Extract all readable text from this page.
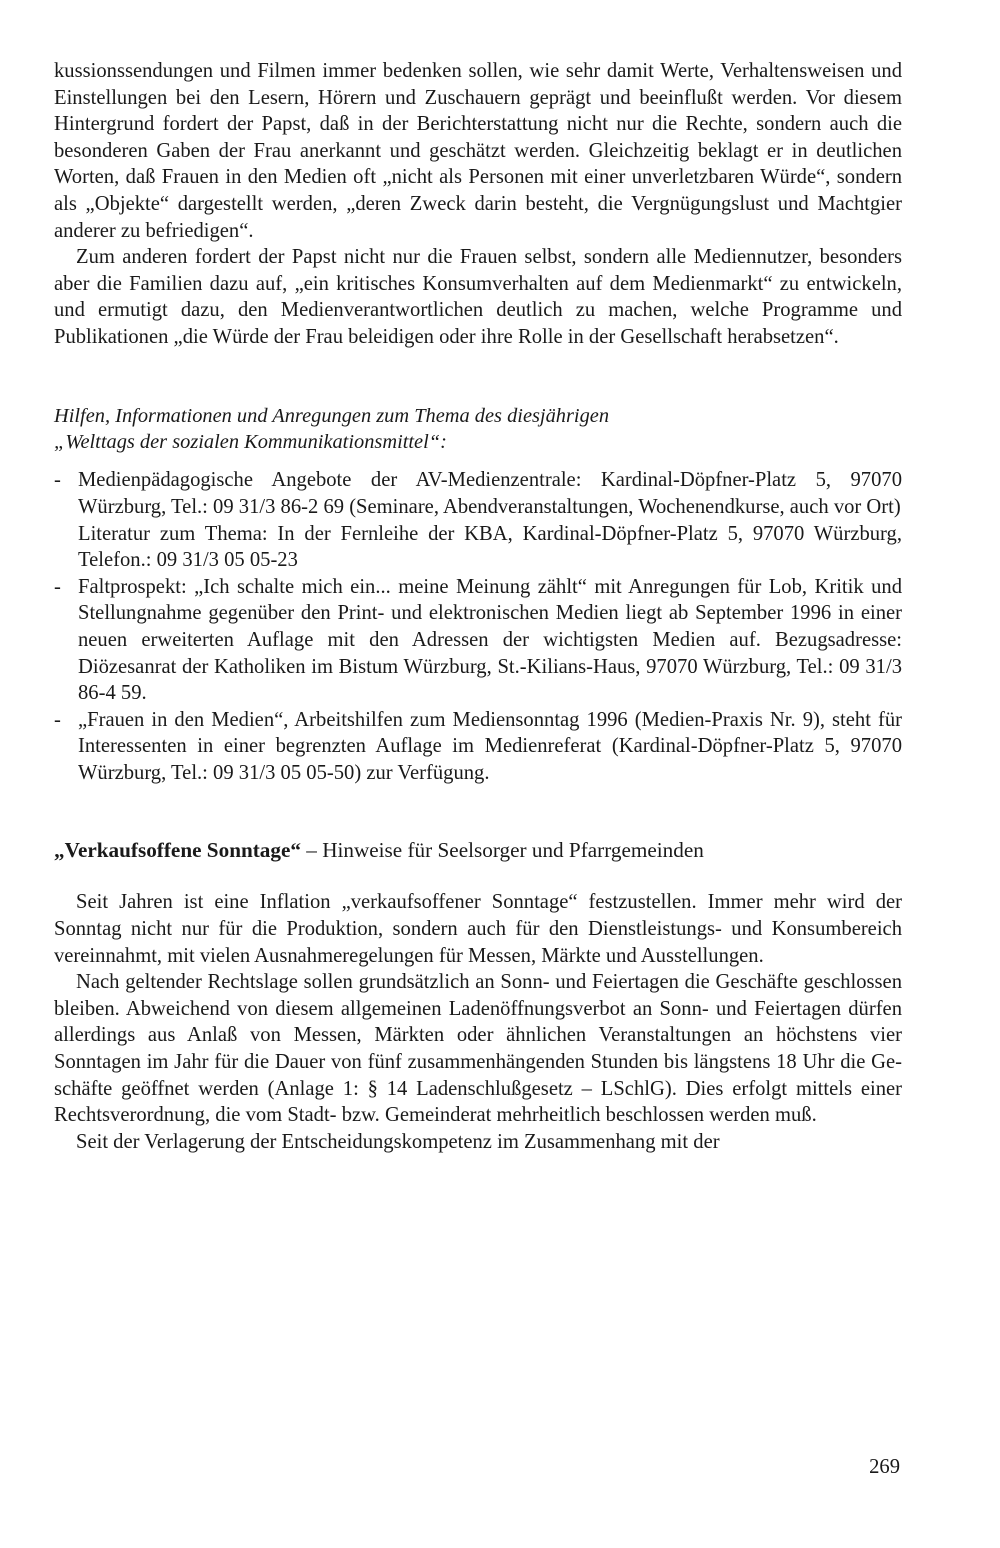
kussionssendungen und Filmen immer bedenken sollen, wie sehr damit Werte, Verhaltensweisen und Einstellungen bei den Lesern, Hörern und Zuschauern geprägt und beeinflußt werden. Vor diesem Hintergrund fordert der Papst, daß in der Berichterstattung nicht nur die Rechte, sondern auch die besonderen Gaben der Frau anerkannt und geschätzt werden. Gleichzeitig beklagt er in deutlichen Worten, daß Frauen in den Medien oft „nicht als Personen mit einer unverletzbaren Würde“, sondern als „Objekte“ dargestellt werden, „deren Zweck darin besteht, die Vergnügungslust und Machtgier anderer zu befriedigen“.

Zum anderen fordert der Papst nicht nur die Frauen selbst, sondern alle Mediennutzer, besonders aber die Familien dazu auf, „ein kritisches Konsumverhalten auf dem Medienmarkt“ zu entwickeln, und ermutigt dazu, den Medienverantwortlichen deutlich zu machen, welche Programme und Publikationen „die Würde der Frau beleidigen oder ihre Rolle in der Gesellschaft herabsetzen“.

Hilfen, Informationen und Anregungen zum Thema des diesjährigen
„Welttags der sozialen Kommunikationsmittel“:
- Medienpädagogische Angebote der AV-Medienzentrale: Kardinal-Döpfner-Platz 5, 97070 Würzburg, Tel.: 09 31/3 86-2 69 (Seminare, Abendveranstaltungen, Wochenendkurse, auch vor Ort)

Literatur zum Thema: In der Fernleihe der KBA, Kardinal-Döpfner-Platz 5, 97070 Würzburg, Telefon.: 09 31/3 05 05-23

- Faltprospekt: „Ich schalte mich ein... meine Meinung zählt“ mit Anregungen für Lob, Kritik und Stellungnahme gegenüber den Print- und elektronischen Medien liegt ab September 1996 in einer neuen erweiterten Auflage mit den Adressen der wichtigsten Medien auf. Bezugsadresse: Diözesanrat der Katholiken im Bistum Würzburg, St.-Kilians-Haus, 97070 Würzburg, Tel.: 09 31/3 86-4 59.

- „Frauen in den Medien“, Arbeitshilfen zum Mediensonntag 1996 (Medien-Praxis Nr. 9), steht für Interessenten in einer begrenzten Auflage im Medienreferat (Kardinal-Döpfner-Platz 5, 97070 Würzburg, Tel.: 09 31/3 05 05-50) zur Verfügung.

„Verkaufsoffene Sonntage“ – Hinweise für Seelsorger und Pfarrgemeinden

Seit Jahren ist eine Inflation „verkaufsoffener Sonntage“ festzustellen. Immer mehr wird der Sonntag nicht nur für die Produktion, sondern auch für den Dienstleistungs- und Konsumbereich vereinnahmt, mit vielen Ausnahmeregelungen für Messen, Märkte und Ausstellungen.

Nach geltender Rechtslage sollen grundsätzlich an Sonn- und Feiertagen die Geschäfte geschlossen bleiben. Abweichend von diesem allgemeinen Ladenöffnungsverbot an Sonn- und Feiertagen dürfen allerdings aus Anlaß von Messen, Märkten oder ähnlichen Veranstaltungen an höchstens vier Sonntagen im Jahr für die Dauer von fünf zusammenhängenden Stunden bis längstens 18 Uhr die Geschäfte geöffnet werden (Anlage 1: § 14 Ladenschlußgesetz – LSchlG). Dies erfolgt mittels einer Rechtsverordnung, die vom Stadt- bzw. Gemeinderat mehrheitlich beschlossen werden muß.

Seit der Verlagerung der Entscheidungskompetenz im Zusammenhang mit der

269
